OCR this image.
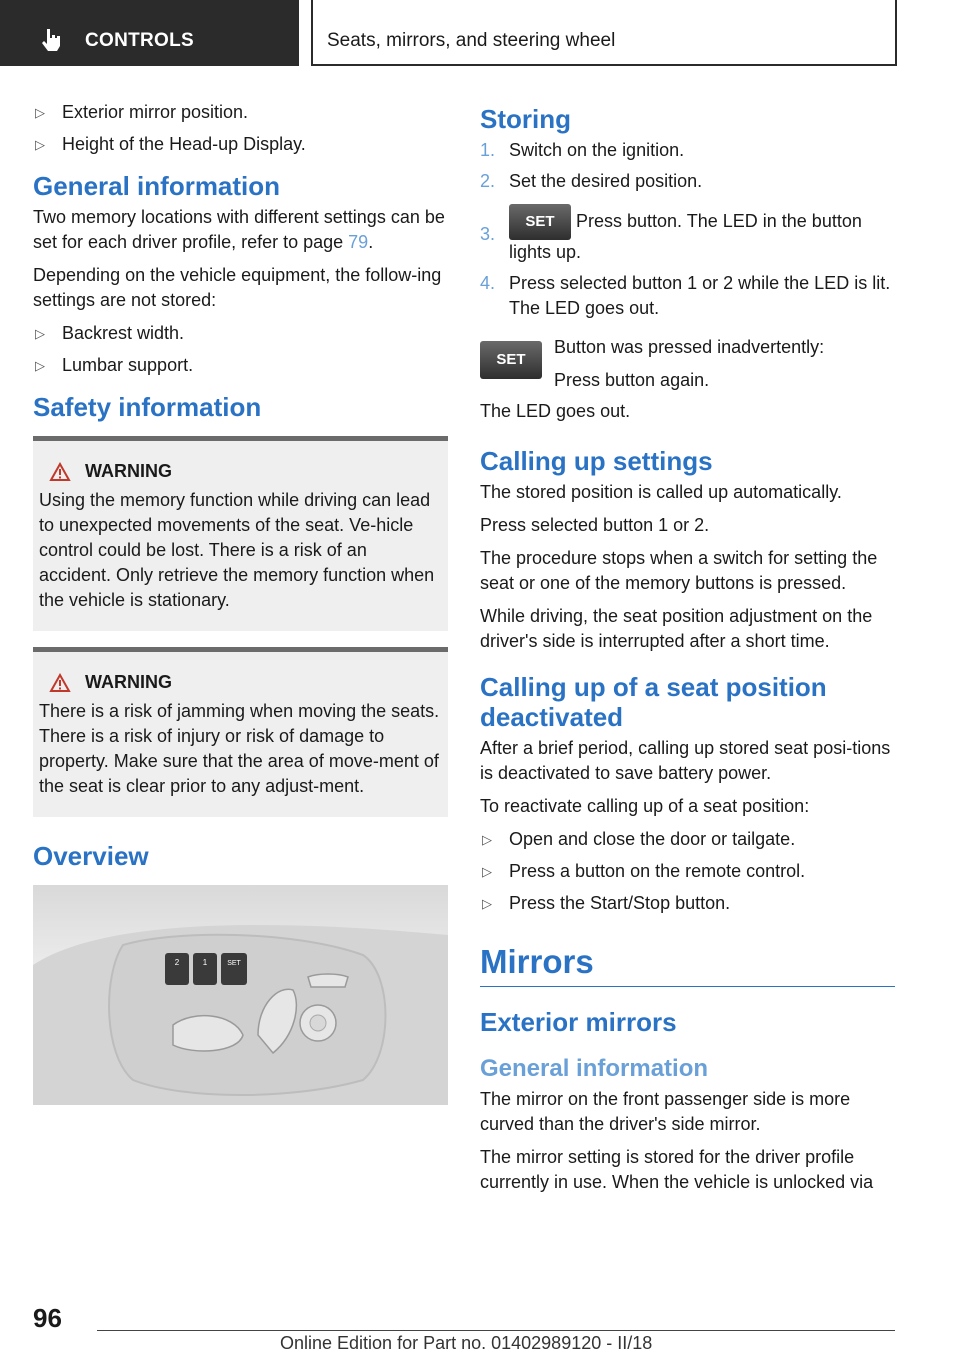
CONTROLS	Seats, mirrors, and steering wheel
▷ Exterior mirror position.
▷ Height of the Head-up Display.
General information

Two memory locations with different settings can be set for each driver profile, refer to page 79.

Depending on the vehicle equipment, the follow-ing settings are not stored:

▷ Backrest width.
▷ Lumbar support.
Safety information
WARNING

Using the memory function while driving can lead to unexpected movements of the seat. Ve-hicle control could be lost. There is a risk of an accident. Only retrieve the memory function when the vehicle is stationary.

WARNING

There is a risk of jamming when moving the seats. There is a risk of injury or risk of damage to property. Make sure that the area of move-ment of the seat is clear prior to any adjust-ment.

Overview
2	1	SET
Storing
1. Switch on the ignition.
2. Set the desired position.
3.
SET Press button. The LED in the button lights up.
4. Press selected button 1 or 2 while the LED is lit. The LED goes out.
SET
Button was pressed inadvertently:
Press button again.

The LED goes out.

Calling up settings

The stored position is called up automatically.

Press selected button 1 or 2.

The procedure stops when a switch for setting the seat or one of the memory buttons is pressed.

While driving, the seat position adjustment on the driver's side is interrupted after a short time.

Calling up of a seat position deactivated

After a brief period, calling up stored seat posi-tions is deactivated to save battery power.

To reactivate calling up of a seat position:

▷ Open and close the door or tailgate.
▷ Press a button on the remote control.
▷ Press the Start/Stop button.
Mirrors
Exterior mirrors
General information

The mirror on the front passenger side is more curved than the driver's side mirror.

The mirror setting is stored for the driver profile currently in use. When the vehicle is unlocked via

96
Online Edition for Part no. 01402989120 - II/18
